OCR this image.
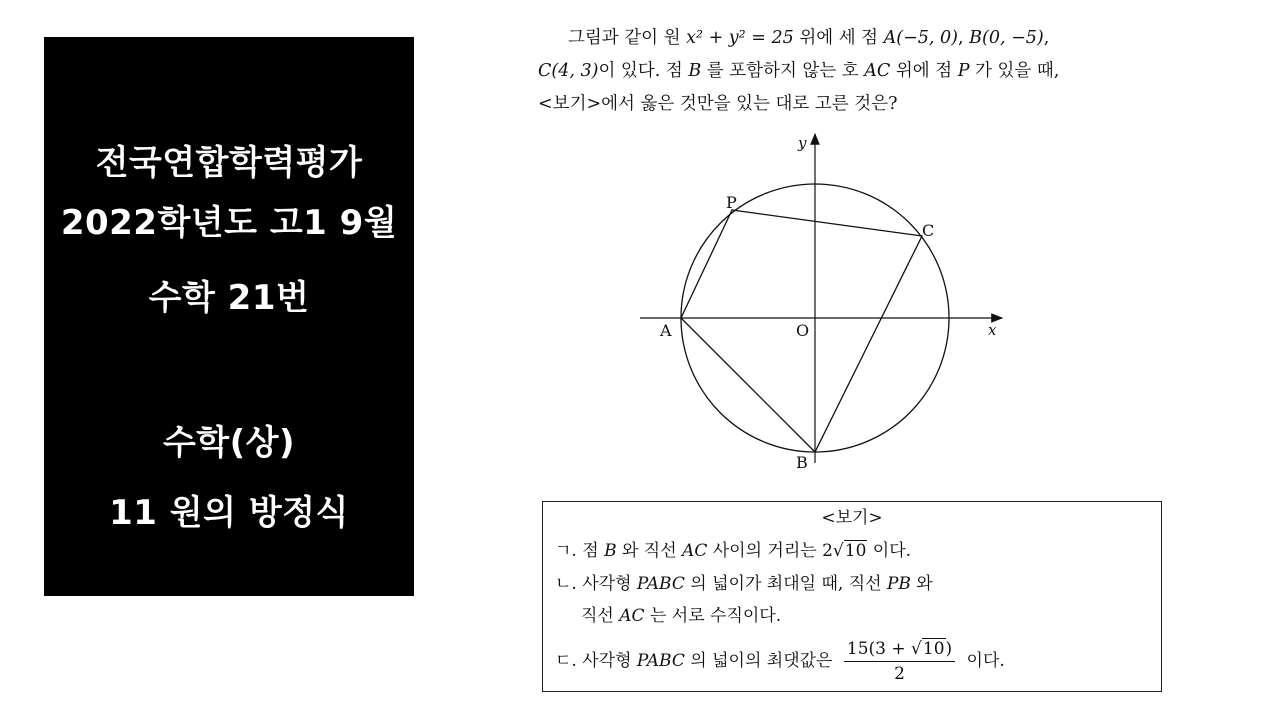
전국연합학력평가
2022학년도 고1 9월
수학 21번
수학(상)
11 원의 방정식

그림과 같이 원 x² + y² = 25 위에 세 점 A(−5, 0), B(0, −5),

C(4, 3)이 있다. 점 B 를 포함하지 않는 호 AC 위에 점 P 가 있을 때,

<보기>에서 옳은 것만을 있는 대로 고른 것은?

y
x
O
A
B
C
P
<보기>
ㄱ. 점 B 와 직선 AC 사이의 거리는 2√10 이다.
ㄴ. 사각형 PABC 의 넓이가 최대일 때, 직선 PB 와
직선 AC 는 서로 수직이다.
ㄷ. 사각형 PABC 의 넓이의 최댓값은 $\frac{15(3 + √10)}{2}$ 이다.
